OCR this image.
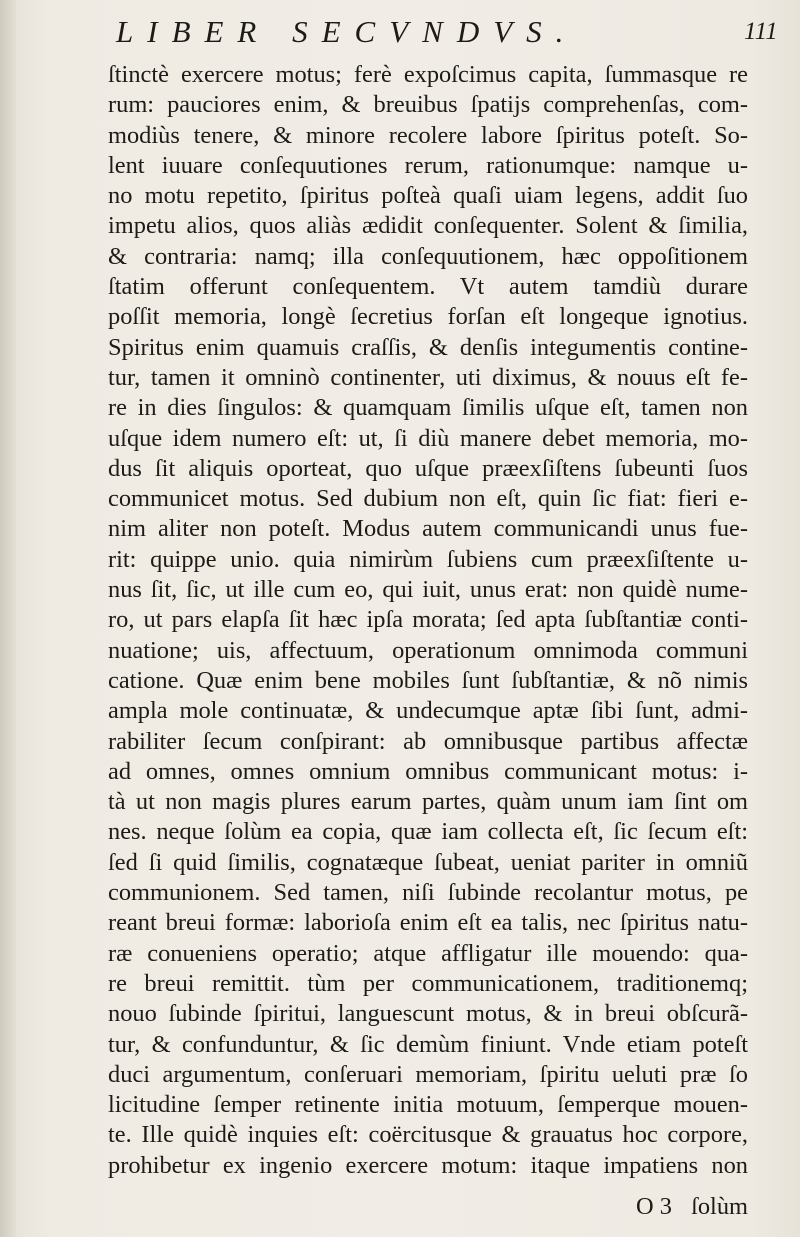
LIBER SECVNDVS.	111
ſtinctè exercere motus; ferè expoſcimus capita, ſummasque re
rum: pauciores enim, & breuibus ſpatijs comprehenſas, com-
modiùs tenere, & minore recolere labore ſpiritus poteſt. So-
lent iuuare conſequutiones rerum, rationumque: namque u-
no motu repetito, ſpiritus poſteà quaſi uiam legens, addit ſuo
impetu alios, quos aliàs ædidit conſequenter. Solent & ſimilia,
& contraria: namq; illa conſequutionem, hæc oppoſitionem
ſtatim offerunt conſequentem. Vt autem tamdiù durare
poſſit memoria, longè ſecretius forſan eſt longeque ignotius.
Spiritus enim quamuis craſſis, & denſis integumentis contine-
tur, tamen it omninò continenter, uti diximus, & nouus eſt fe-
re in dies ſingulos: & quamquam ſimilis uſque eſt, tamen non
uſque idem numero eſt: ut, ſi diù manere debet memoria, mo-
dus ſit aliquis oporteat, quo uſque præexſiſtens ſubeunti ſuos
communicet motus. Sed dubium non eſt, quin ſic fiat: fieri e-
nim aliter non poteſt. Modus autem communicandi unus fue-
rit: quippe unio. quia nimirùm ſubiens cum præexſiſtente u-
nus ſit, ſic, ut ille cum eo, qui iuit, unus erat: non quidè nume-
ro, ut pars elapſa ſit hæc ipſa morata; ſed apta ſubſtantiæ conti-
nuatione; uis, affectuum, operationum omnimoda communi
catione. Quæ enim bene mobiles ſunt ſubſtantiæ, & nõ nimis
ampla mole continuatæ, & undecumque aptæ ſibi ſunt, admi-
rabiliter ſecum conſpirant: ab omnibusque partibus affectæ
ad omnes, omnes omnium omnibus communicant motus: i-
tà ut non magis plures earum partes, quàm unum iam ſint om
nes. neque ſolùm ea copia, quæ iam collecta eſt, ſic ſecum eſt:
ſed ſi quid ſimilis, cognatæque ſubeat, ueniat pariter in omniũ
communionem. Sed tamen, niſi ſubinde recolantur motus, pe
reant breui formæ: laborioſa enim eſt ea talis, nec ſpiritus natu-
ræ conueniens operatio; atque affligatur ille mouendo: qua-
re breui remittit. tùm per communicationem, traditionemq;
nouo ſubinde ſpiritui, languescunt motus, & in breui obſcurã-
tur, & confunduntur, & ſic demùm finiunt. Vnde etiam poteſt
duci argumentum, conſeruari memoriam, ſpiritu ueluti præ ſo
licitudine ſemper retinente initia motuum, ſemperque mouen-
te. Ille quidè inquies eſt: coërcitusque & grauatus hoc corpore,
prohibetur ex ingenio exercere motum: itaque impatiens non
O 3 ſolùm
